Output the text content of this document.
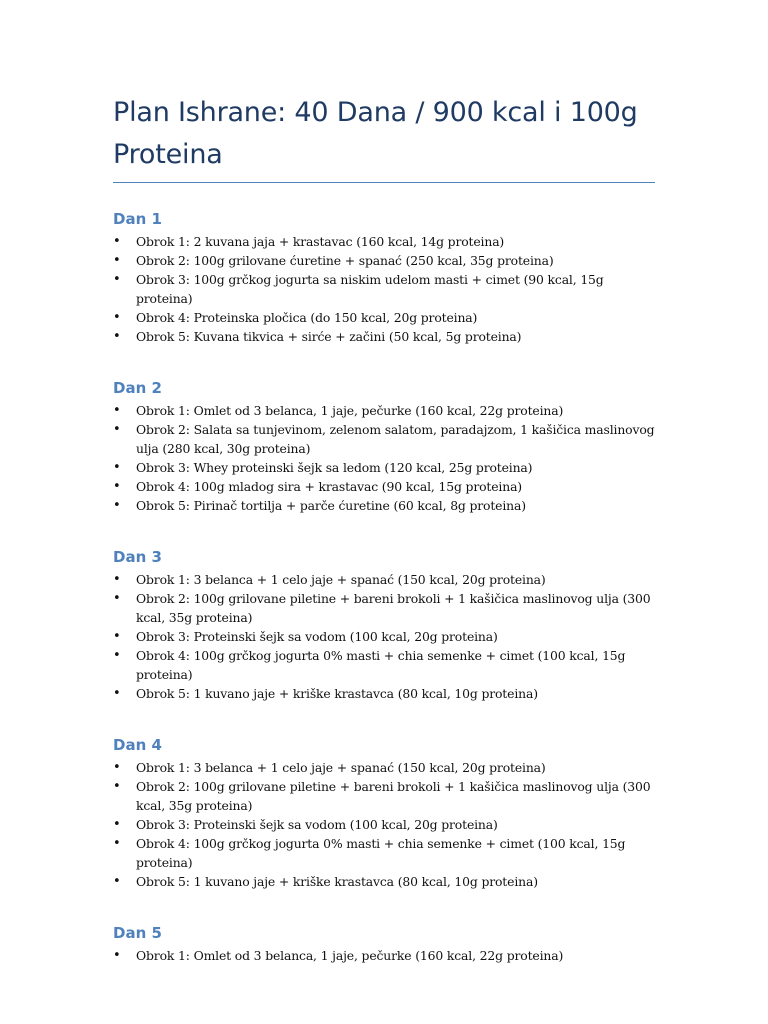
Plan Ishrane: 40 Dana / 900 kcal i 100g Proteina
Dan 1
• Obrok 1: 2 kuvana jaja + krastavac (160 kcal, 14g proteina)
• Obrok 2: 100g grilovane ćuretine + spanać (250 kcal, 35g proteina)
• Obrok 3: 100g grčkog jogurta sa niskim udelom masti + cimet (90 kcal, 15g proteina)
• Obrok 4: Proteinska pločica (do 150 kcal, 20g proteina)
• Obrok 5: Kuvana tikvica + sirće + začini (50 kcal, 5g proteina)
Dan 2
• Obrok 1: Omlet od 3 belanca, 1 jaje, pečurke (160 kcal, 22g proteina)
• Obrok 2: Salata sa tunjevinom, zelenom salatom, paradajzom, 1 kašičica maslinovog ulja (280 kcal, 30g proteina)
• Obrok 3: Whey proteinski šejk sa ledom (120 kcal, 25g proteina)
• Obrok 4: 100g mladog sira + krastavac (90 kcal, 15g proteina)
• Obrok 5: Pirinač tortilja + parče ćuretine (60 kcal, 8g proteina)
Dan 3
• Obrok 1: 3 belanca + 1 celo jaje + spanać (150 kcal, 20g proteina)
• Obrok 2: 100g grilovane piletine + bareni brokoli + 1 kašičica maslinovog ulja (300 kcal, 35g proteina)
• Obrok 3: Proteinski šejk sa vodom (100 kcal, 20g proteina)
• Obrok 4: 100g grčkog jogurta 0% masti + chia semenke + cimet (100 kcal, 15g proteina)
• Obrok 5: 1 kuvano jaje + kriške krastavca (80 kcal, 10g proteina)
Dan 4
• Obrok 1: 3 belanca + 1 celo jaje + spanać (150 kcal, 20g proteina)
• Obrok 2: 100g grilovane piletine + bareni brokoli + 1 kašičica maslinovog ulja (300 kcal, 35g proteina)
• Obrok 3: Proteinski šejk sa vodom (100 kcal, 20g proteina)
• Obrok 4: 100g grčkog jogurta 0% masti + chia semenke + cimet (100 kcal, 15g proteina)
• Obrok 5: 1 kuvano jaje + kriške krastavca (80 kcal, 10g proteina)
Dan 5
• Obrok 1: Omlet od 3 belanca, 1 jaje, pečurke (160 kcal, 22g proteina)
